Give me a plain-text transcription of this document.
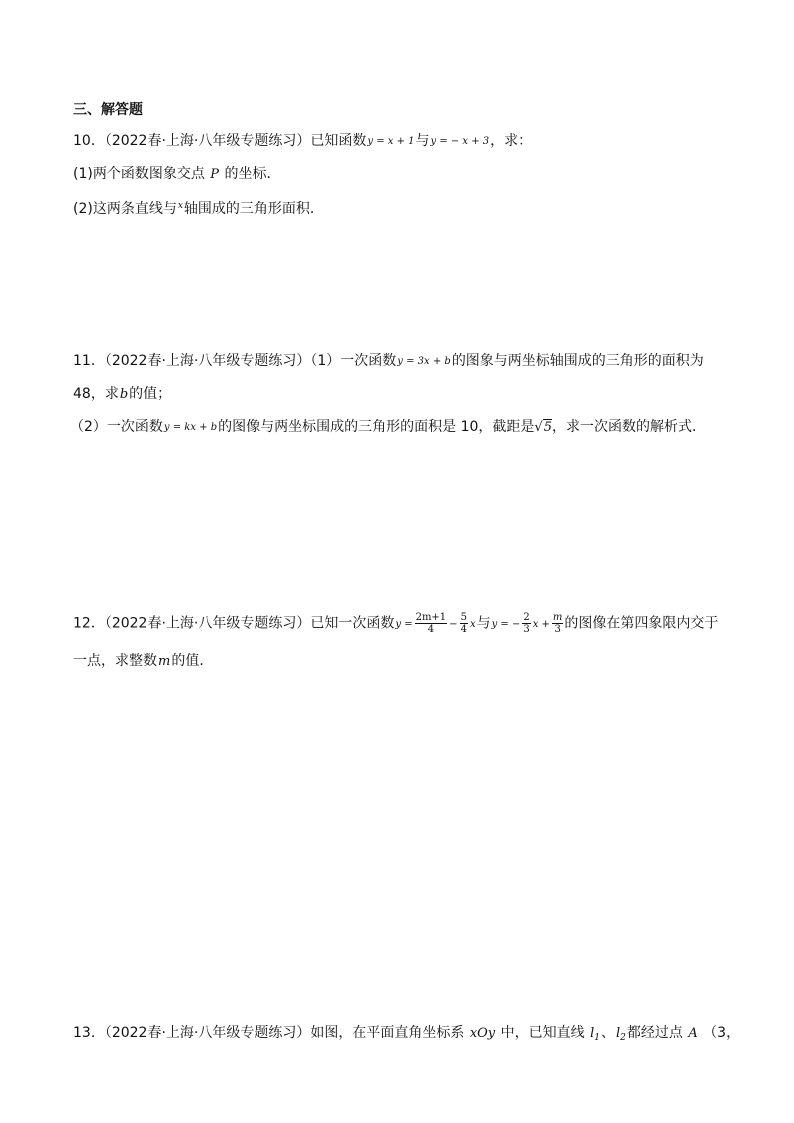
三、解答题
10．（2022春·上海·八年级专题练习）已知函数y = x + 1与y = − x + 3，求：
(1)两个函数图象交点 P 的坐标．
(2)这两条直线与$^x$轴围成的三角形面积．
11．（2022春·上海·八年级专题练习）（1）一次函数y = 3x + b的图象与两坐标轴围成的三角形的面积为
48，求b的值；
（2）一次函数y = kx + b的图像与两坐标围成的三角形的面积是 10，截距是√5，求一次函数的解析式．
12．（2022春·上海·八年级专题练习）已知一次函数$y = \frac{2m+1}{4} - \frac{5}{4}$ x与y = − $\frac{2}{3}$ $x + \frac{m}{3}$ 的图像在第四象限内交于
一点，求整数m的值．
13．（2022春·上海·八年级专题练习）如图，在平面直角坐标系 xOy 中，已知直线 $l_1$、$l_2$都经过点 A （3，
